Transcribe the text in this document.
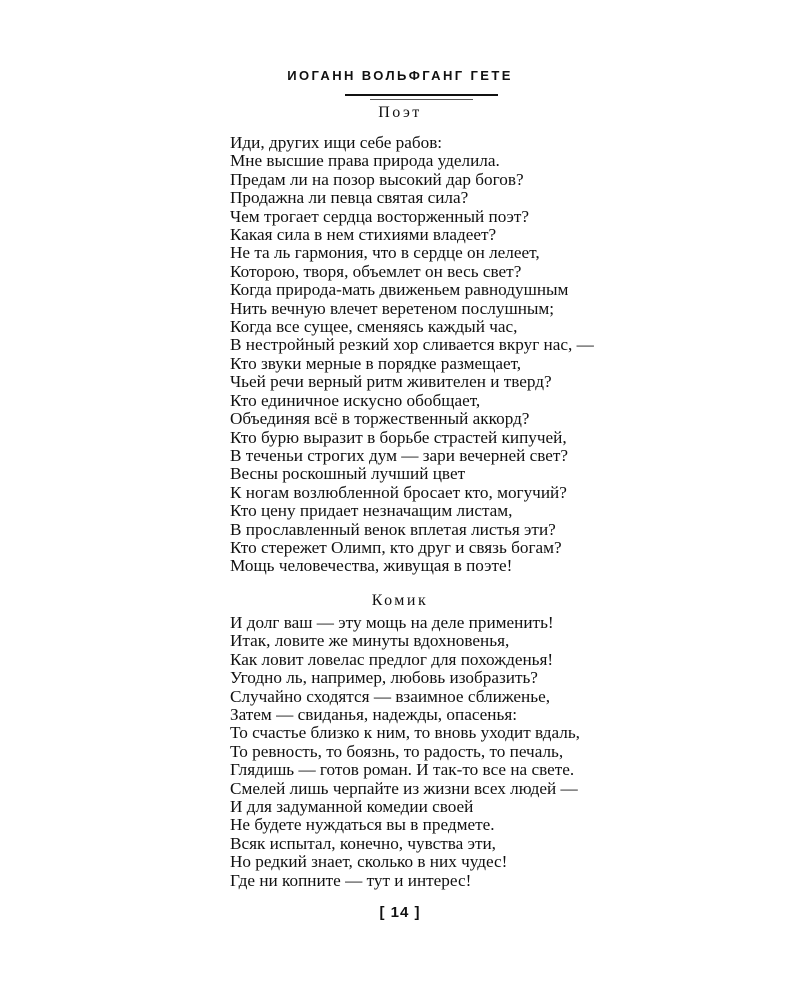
ИОГАНН ВОЛЬФГАНГ ГЕТЕ
Поэт
Иди, других ищи себе рабов:
Мне высшие права природа уделила.
Предам ли на позор высокий дар богов?
Продажна ли певца святая сила?
Чем трогает сердца восторженный поэт?
Какая сила в нем стихиями владеет?
Не та ль гармония, что в сердце он лелеет,
Которою, творя, объемлет он весь свет?
Когда природа-мать движеньем равнодушным
Нить вечную влечет веретеном послушным;
Когда все сущее, сменяясь каждый час,
В нестройный резкий хор сливается вкруг нас, —
Кто звуки мерные в порядке размещает,
Чьей речи верный ритм живителен и тверд?
Кто единичное искусно обобщает,
Объединяя всё в торжественный аккорд?
Кто бурю выразит в борьбе страстей кипучей,
В теченьи строгих дум — зари вечерней свет?
Весны роскошный лучший цвет
К ногам возлюбленной бросает кто, могучий?
Кто цену придает незначащим листам,
В прославленный венок вплетая листья эти?
Кто стережет Олимп, кто друг и связь богам?
Мощь человечества, живущая в поэте!
Комик
И долг ваш — эту мощь на деле применить!
Итак, ловите же минуты вдохновенья,
Как ловит ловелас предлог для похожденья!
Угодно ль, например, любовь изобразить?
Случайно сходятся — взаимное сближенье,
Затем — свиданья, надежды, опасенья:
То счастье близко к ним, то вновь уходит вдаль,
То ревность, то боязнь, то радость, то печаль,
Глядишь — готов роман. И так-то все на свете.
Смелей лишь черпайте из жизни всех людей —
И для задуманной комедии своей
Не будете нуждаться вы в предмете.
Всяк испытал, конечно, чувства эти,
Но редкий знает, сколько в них чудес!
Где ни копните — тут и интерес!
[ 14 ]
